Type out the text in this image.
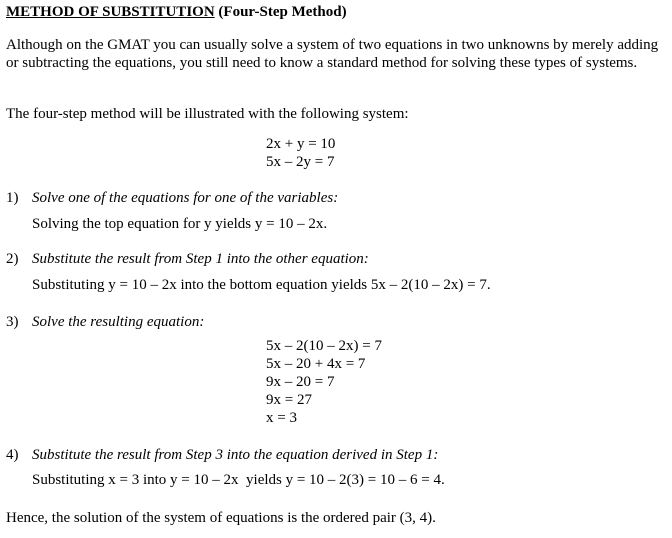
METHOD OF SUBSTITUTION (Four-Step Method)
Although on the GMAT you can usually solve a system of two equations in two unknowns by merely adding or subtracting the equations, you still need to know a standard method for solving these types of systems.
The four-step method will be illustrated with the following system:
2x + y = 10
5x – 2y = 7
1) Solve one of the equations for one of the variables:
Solving the top equation for y yields y = 10 – 2x.
2) Substitute the result from Step 1 into the other equation:
Substituting y = 10 – 2x into the bottom equation yields 5x – 2(10 – 2x) = 7.
3) Solve the resulting equation:
5x – 2(10 – 2x) = 7
5x – 20 + 4x = 7
9x – 20 = 7
9x = 27
x = 3
4) Substitute the result from Step 3 into the equation derived in Step 1:
Substituting x = 3 into y = 10 – 2x  yields y = 10 – 2(3) = 10 – 6 = 4.
Hence, the solution of the system of equations is the ordered pair (3, 4).
